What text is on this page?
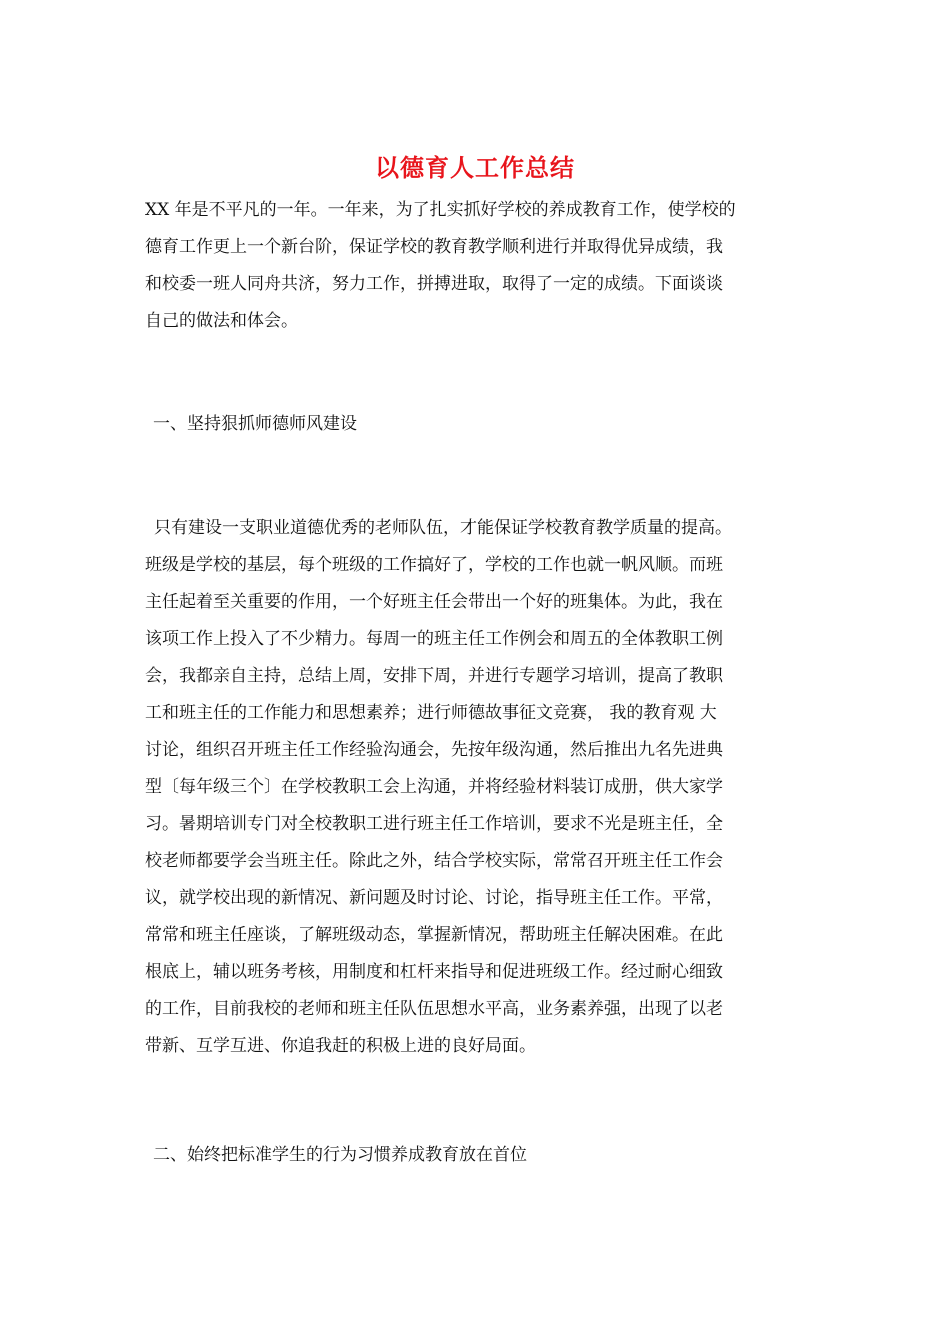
以德育人工作总结
XX 年是不平凡的一年。一年来，为了扎实抓好学校的养成教育工作，使学校的
德育工作更上一个新台阶，保证学校的教育教学顺利进行并取得优异成绩，我
和校委一班人同舟共济，努力工作，拼搏进取，取得了一定的成绩。下面谈谈
自己的做法和体会。
一、坚持狠抓师德师风建设
只有建设一支职业道德优秀的老师队伍，才能保证学校教育教学质量的提高。
班级是学校的基层，每个班级的工作搞好了，学校的工作也就一帆风顺。而班
主任起着至关重要的作用，一个好班主任会带出一个好的班集体。为此，我在
该项工作上投入了不少精力。每周一的班主任工作例会和周五的全体教职工例
会，我都亲自主持，总结上周，安排下周，并进行专题学习培训，提高了教职
工和班主任的工作能力和思想素养；进行师德故事征文竞赛， 我的教育观 大
讨论，组织召开班主任工作经验沟通会，先按年级沟通，然后推出九名先进典
型〔每年级三个〕在学校教职工会上沟通，并将经验材料装订成册，供大家学
习。暑期培训专门对全校教职工进行班主任工作培训，要求不光是班主任，全
校老师都要学会当班主任。除此之外，结合学校实际，常常召开班主任工作会
议，就学校出现的新情况、新问题及时讨论、讨论，指导班主任工作。平常，
常常和班主任座谈，了解班级动态，掌握新情况，帮助班主任解决困难。在此
根底上，辅以班务考核，用制度和杠杆来指导和促进班级工作。经过耐心细致
的工作，目前我校的老师和班主任队伍思想水平高，业务素养强，出现了以老
带新、互学互进、你追我赶的积极上进的良好局面。
二、始终把标准学生的行为习惯养成教育放在首位
